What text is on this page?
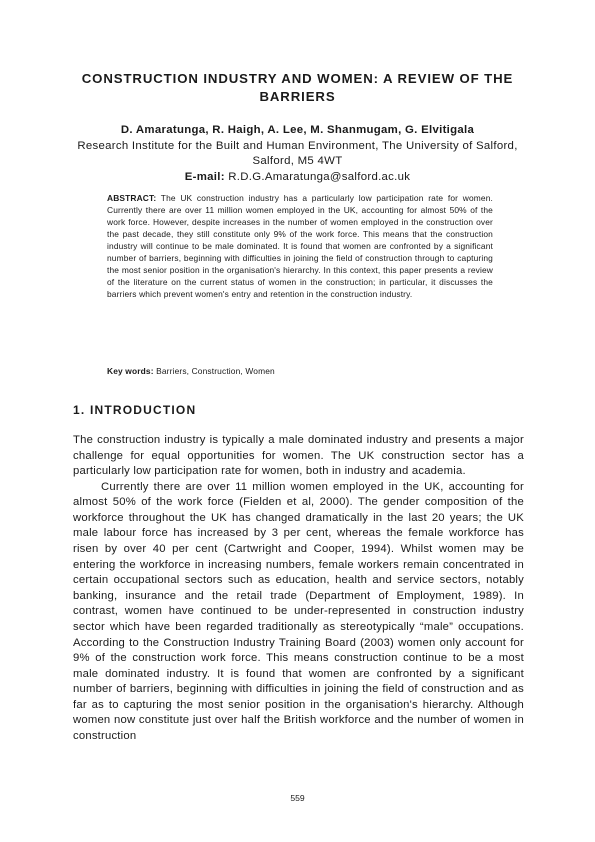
CONSTRUCTION INDUSTRY AND WOMEN: A REVIEW OF THE BARRIERS
D. Amaratunga, R. Haigh, A. Lee, M. Shanmugam, G. Elvitigala
Research Institute for the Built and Human Environment, The University of Salford, Salford, M5 4WT
E-mail: R.D.G.Amaratunga@salford.ac.uk

ABSTRACT: The UK construction industry has a particularly low participation rate for women. Currently there are over 11 million women employed in the UK, accounting for almost 50% of the work force. However, despite increases in the number of women employed in the construction over the past decade, they still constitute only 9% of the work force. This means that the construction industry will continue to be male dominated. It is found that women are confronted by a significant number of barriers, beginning with difficulties in joining the field of construction through to capturing the most senior position in the organisation's hierarchy. In this context, this paper presents a review of the literature on the current status of women in the construction; in particular, it discusses the barriers which prevent women's entry and retention in the construction industry.

Key words: Barriers, Construction, Women

1. INTRODUCTION

The construction industry is typically a male dominated industry and presents a major challenge for equal opportunities for women. The UK construction sector has a particularly low participation rate for women, both in industry and academia.

Currently there are over 11 million women employed in the UK, accounting for almost 50% of the work force (Fielden et al, 2000). The gender composition of the workforce throughout the UK has changed dramatically in the last 20 years; the UK male labour force has increased by 3 per cent, whereas the female workforce has risen by over 40 per cent (Cartwright and Cooper, 1994). Whilst women may be entering the workforce in increasing numbers, female workers remain concentrated in certain occupational sectors such as education, health and service sectors, notably banking, insurance and the retail trade (Department of Employment, 1989). In contrast, women have continued to be under-represented in construction industry sector which have been regarded traditionally as stereotypically “male” occupations. According to the Construction Industry Training Board (2003) women only account for 9% of the construction work force. This means construction continue to be a most male dominated industry. It is found that women are confronted by a significant number of barriers, beginning with difficulties in joining the field of construction and as far as to capturing the most senior position in the organisation's hierarchy. Although women now constitute just over half the British workforce and the number of women in construction

559
